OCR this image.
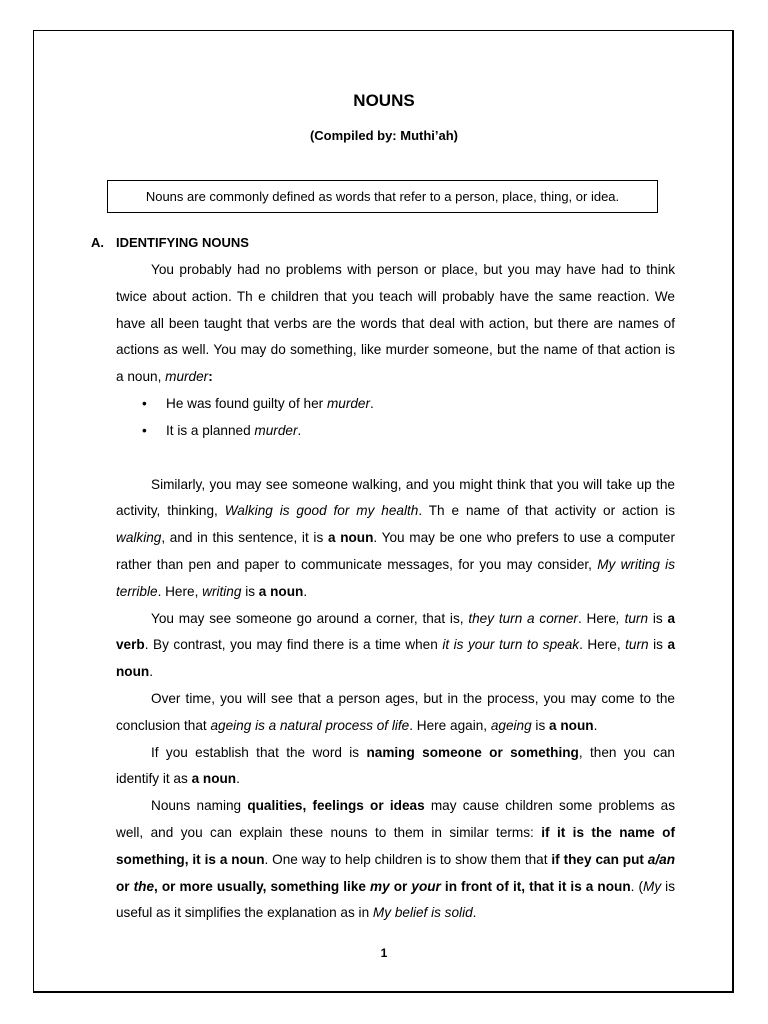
NOUNS
(Compiled by: Muthi’ah)
Nouns are commonly defined as words that refer to a person, place, thing, or idea.
A. IDENTIFYING NOUNS

You probably had no problems with person or place, but you may have had to think twice about action. Th e children that you teach will probably have the same reaction. We have all been taught that verbs are the words that deal with action, but there are names of actions as well. You may do something, like murder someone, but the name of that action is a noun, murder:

• He was found guilty of her murder.
• It is a planned murder.

Similarly, you may see someone walking, and you might think that you will take up the activity, thinking, Walking is good for my health. Th e name of that activity or action is walking, and in this sentence, it is a noun. You may be one who prefers to use a computer rather than pen and paper to communicate messages, for you may consider, My writing is terrible. Here, writing is a noun.

You may see someone go around a corner, that is, they turn a corner. Here, turn is a verb. By contrast, you may find there is a time when it is your turn to speak. Here, turn is a noun.

Over time, you will see that a person ages, but in the process, you may come to the conclusion that ageing is a natural process of life. Here again, ageing is a noun.

If you establish that the word is naming someone or something, then you can identify it as a noun.

Nouns naming qualities, feelings or ideas may cause children some problems as well, and you can explain these nouns to them in similar terms: if it is the name of something, it is a noun. One way to help children is to show them that if they can put a/an or the, or more usually, something like my or your in front of it, that it is a noun. (My is useful as it simplifies the explanation as in My belief is solid.

1
